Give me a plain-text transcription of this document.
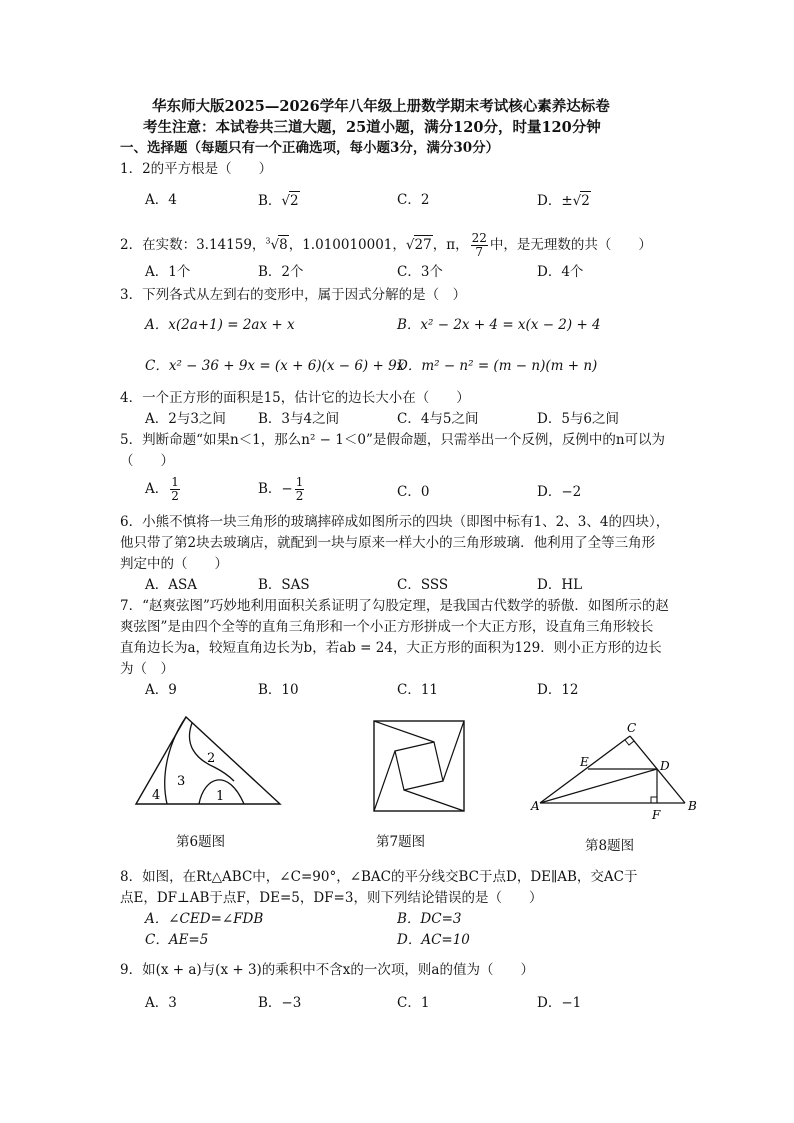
华东师大版2025—2026学年八年级上册数学期末考试核心素养达标卷
考生注意：本试卷共三道大题，25道小题，满分120分，时量120分钟
一、选择题（每题只有一个正确选项，每小题3分，满分30分）
1．2的平方根是（　　）
A．4	B．√2	C．2	D．±√2
2．在实数：3.14159，$^3$√8，1.010010001，√27，π， $\frac{22}{7}$ 中，是无理数的共（　　）
A．1个	B．2个	C．3个	D．4个
3．下列各式从左到右的变形中，属于因式分解的是（　）
A．x(2a+1) = 2ax + x	B．x² − 2x + 4 = x(x − 2) + 4
C．x² − 36 + 9x = (x + 6)(x − 6) + 9x
D．m² − n² = (m − n)(m + n)
4．一个正方形的面积是15，估计它的边长大小在（　　）
A．2与3之间 B．3与4之间	C．4与5之间	D．5与6之间
5．判断命题“如果n＜1，那么n² − 1＜0”是假命题，只需举出一个反例，反例中的n可以为
（　　）
A． $\frac{1}{2}$	B．− $\frac{1}{2}$	C．0	D．−2
6．小熊不慎将一块三角形的玻璃摔碎成如图所示的四块（即图中标有1、2、3、4的四块），
他只带了第2块去玻璃店，就配到一块与原来一样大小的三角形玻璃．他利用了全等三角形
判定中的（　　）
A．ASA	B．SAS	C．SSS	D．HL
7．“赵爽弦图”巧妙地利用面积关系证明了勾股定理，是我国古代数学的骄傲．如图所示的赵
爽弦图”是由四个全等的直角三角形和一个小正方形拼成一个大正方形，设直角三角形较长
直角边长为a，较短直角边长为b，若ab = 24，大正方形的面积为129．则小正方形的边长
为（　）
A．9	B．10	C．11	D．12
2
3
4	1
第6题图	第7题图
C
E	D
A	B
F
第8题图
8．如图，在Rt△ABC中，∠C=90°，∠BAC的平分线交BC于点D，DE∥AB，交AC于
点E，DF⊥AB于点F，DE=5，DF=3，则下列结论错误的是（　　）
A．∠CED=∠FDB	B．DC=3
C．AE=5	D．AC=10
9．如(x + a)与(x + 3)的乘积中不含x的一次项，则a的值为（　　）
A．3	B．−3	C．1	D．−1
